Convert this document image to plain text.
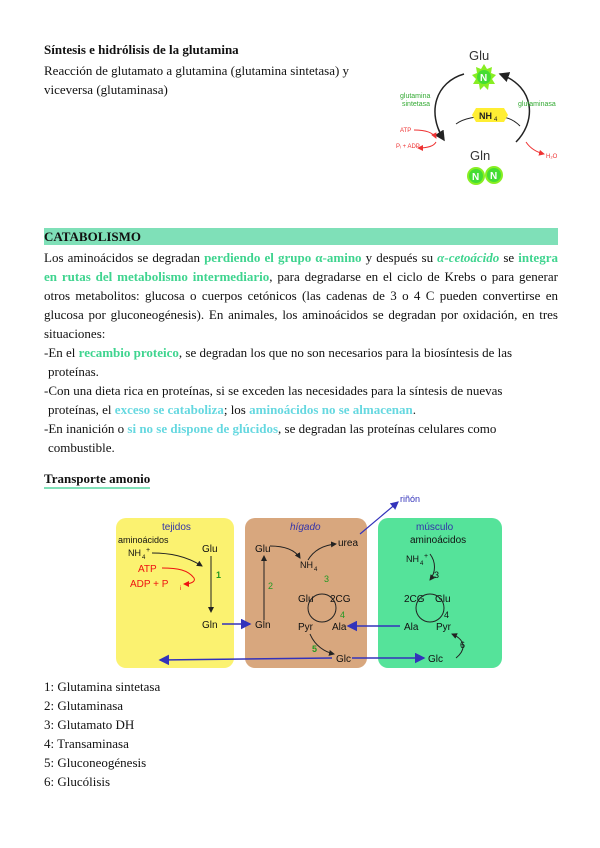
Síntesis e hidrólisis de la glutamina
Reacción de glutamato a glutamina (glutamina sintetasa) y viceversa (glutaminasa)
Glu
N
NH 4
glutamina
sintetasa	glutaminasa
ATP
Pᵢ + ADP
H₂O
Gln
N N
CATABOLISMO
Los aminoácidos se degradan perdiendo el grupo α-amino y después su α-cetoácido se integra en rutas del metabolismo intermediario, para degradarse en el ciclo de Krebs o para generar otros metabolitos: glucosa o cuerpos cetónicos (las cadenas de 3 o 4 C pueden convertirse en glucosa por gluconeogénesis). En animales, los aminoácidos se degradan por oxidación, en tres situaciones:
-En el recambio proteico, se degradan los que no son necesarios para la biosíntesis de las
proteínas.
-Con una dieta rica en proteínas, si se exceden las necesidades para la síntesis de nuevas
proteínas, el exceso se cataboliza; los aminoácidos no se almacenan.
-En inanición o si no se dispone de glúcidos, se degradan las proteínas celulares como
combustible.
Transporte amonio
tejidos	hígado	músculo
aminoácidos
NH 4
+	Glu
1
ATP
ADP + P i
Gln
Glu
NH 4
urea
2
Gln
3
Glu 2CG
4
Pyr Ala
5
Glc
aminoácidos
NH 4
+
3
2CG Glu
4
Ala Pyr
6
Glc
riñón
1: Glutamina sintetasa
2: Glutaminasa
3: Glutamato DH
4: Transaminasa
5: Gluconeogénesis
6: Glucólisis
